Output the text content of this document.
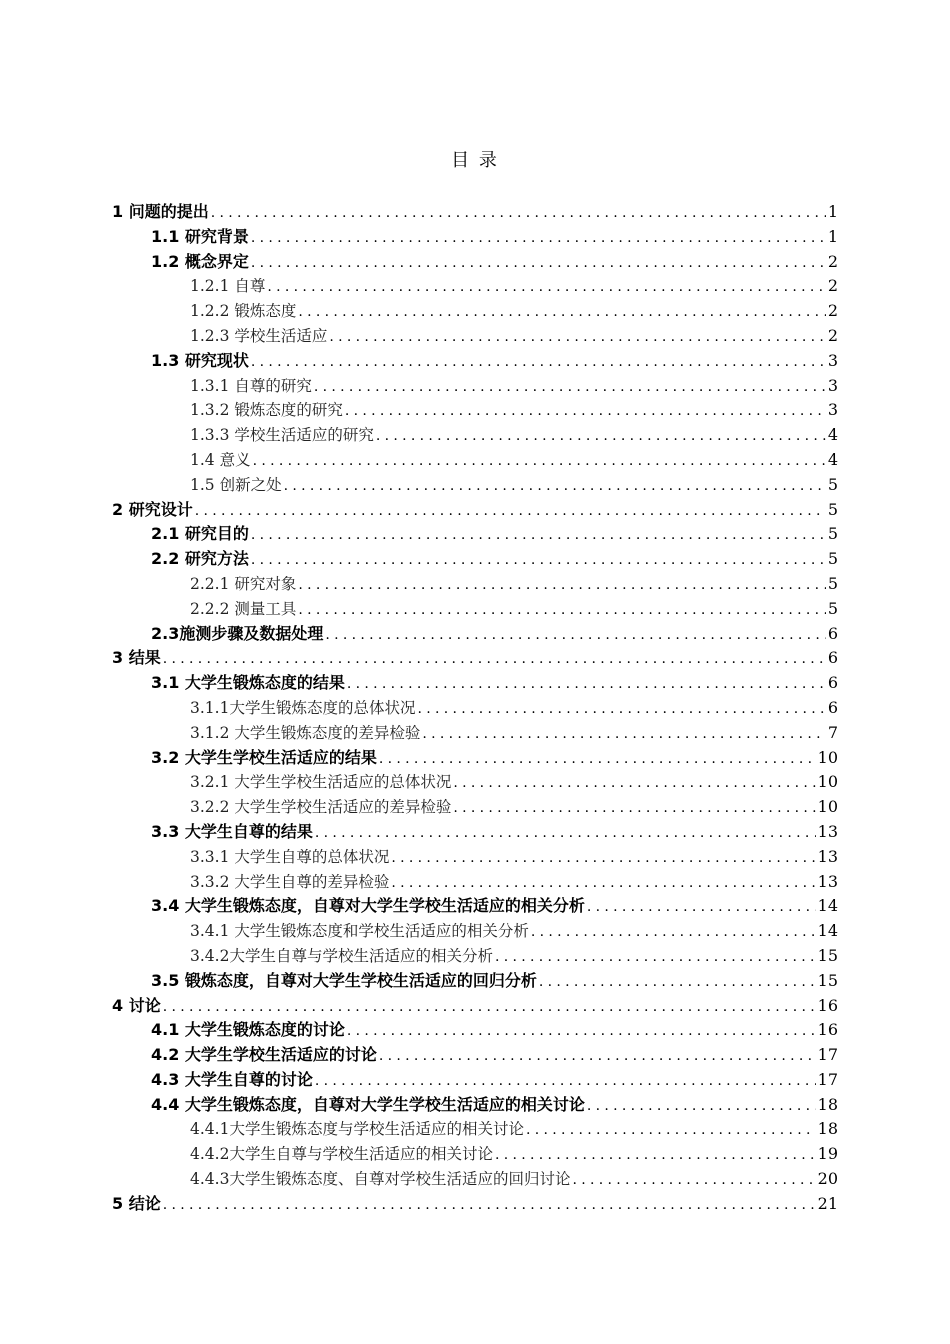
目 录
1 问题的提出 .....	1
1.1 研究背景 .....	1
1.2 概念界定 .....	2
1.2.1 自尊 .....	2
1.2.2 锻炼态度 .....	2
1.2.3 学校生活适应 .....	2
1.3 研究现状 .....	3
1.3.1 自尊的研究 .....	3
1.3.2 锻炼态度的研究 .....	3
1.3.3 学校生活适应的研究 .....	4
1.4 意义 .....	4
1.5 创新之处 .....	5
2 研究设计 .....	5
2.1 研究目的 .....	5
2.2 研究方法 .....	5
2.2.1 研究对象 .....	5
2.2.2 测量工具 .....	5
2.3施测步骤及数据处理 .....	6
3 结果 .....	6
3.1 大学生锻炼态度的结果 .....	6
3.1.1大学生锻炼态度的总体状况 .....	6
3.1.2 大学生锻炼态度的差异检验 .....	7
3.2 大学生学校生活适应的结果 .....	10
3.2.1 大学生学校生活适应的总体状况 .....	10
3.2.2 大学生学校生活适应的差异检验 .....	10
3.3 大学生自尊的结果 .....	13
3.3.1 大学生自尊的总体状况 .....	13
3.3.2 大学生自尊的差异检验 .....	13
3.4 大学生锻炼态度，自尊对大学生学校生活适应的相关分析 .....	14
3.4.1 大学生锻炼态度和学校生活适应的相关分析 .....	14
3.4.2大学生自尊与学校生活适应的相关分析 .....	15
3.5 锻炼态度，自尊对大学生学校生活适应的回归分析 .....	15
4 讨论 .....	16
4.1 大学生锻炼态度的讨论 .....	16
4.2 大学生学校生活适应的讨论 .....	17
4.3 大学生自尊的讨论 .....	17
4.4 大学生锻炼态度，自尊对大学生学校生活适应的相关讨论 .....	18
4.4.1大学生锻炼态度与学校生活适应的相关讨论 .....	18
4.4.2大学生自尊与学校生活适应的相关讨论 .....	19
4.4.3大学生锻炼态度、自尊对学校生活适应的回归讨论 .....	20
5 结论 .....	21
